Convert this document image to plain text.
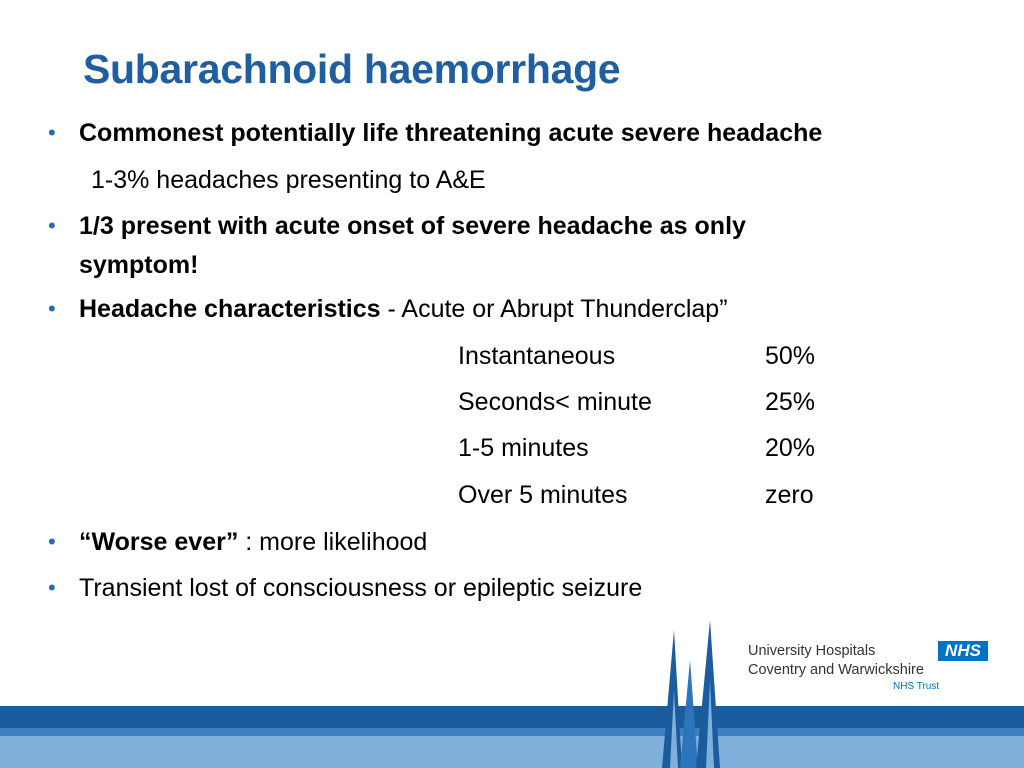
Subarachnoid haemorrhage
• Commonest potentially life threatening acute severe headache
1-3% headaches presenting to A&E
• 1/3 present with acute onset of severe headache as only
symptom!
• Headache characteristics - Acute or Abrupt Thunderclap”
Instantaneous	50%
Seconds< minute	25%
1-5 minutes	20%
Over 5 minutes	zero
• “Worse ever” : more likelihood
• Transient lost of consciousness or epileptic seizure
University Hospitals
Coventry and Warwickshire
NHS
NHS Trust
